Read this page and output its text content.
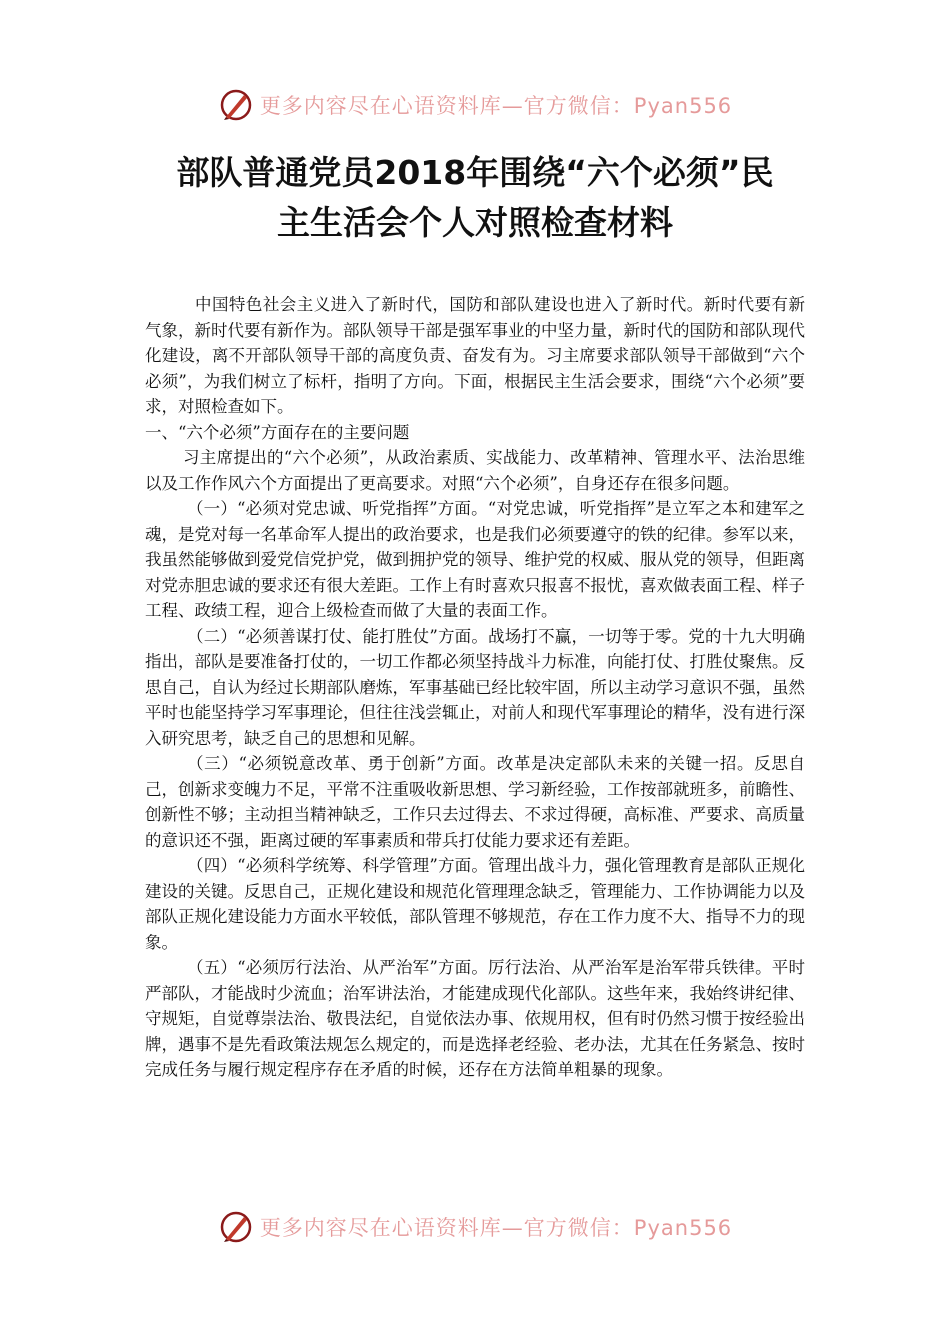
更多内容尽在心语资料库—官方微信：Pyan556
部队普通党员2018年围绕“六个必须”民
主生活会个人对照检查材料

中国特色社会主义进入了新时代，国防和部队建设也进入了新时代。新时代要有新气象，新时代要有新作为。部队领导干部是强军事业的中坚力量，新时代的国防和部队现代化建设，离不开部队领导干部的高度负责、奋发有为。习主席要求部队领导干部做到“六个必须”，为我们树立了标杆，指明了方向。下面，根据民主生活会要求，围绕“六个必须”要求，对照检查如下。

一、“六个必须”方面存在的主要问题

习主席提出的“六个必须”，从政治素质、实战能力、改革精神、管理水平、法治思维以及工作作风六个方面提出了更高要求。对照“六个必须”，自身还存在很多问题。

（一）“必须对党忠诚、听党指挥”方面。“对党忠诚，听党指挥”是立军之本和建军之魂，是党对每一名革命军人提出的政治要求，也是我们必须要遵守的铁的纪律。参军以来，我虽然能够做到爱党信党护党，做到拥护党的领导、维护党的权威、服从党的领导，但距离对党赤胆忠诚的要求还有很大差距。工作上有时喜欢只报喜不报忧，喜欢做表面工程、样子工程、政绩工程，迎合上级检查而做了大量的表面工作。

（二）“必须善谋打仗、能打胜仗”方面。战场打不赢，一切等于零。党的十九大明确指出，部队是要准备打仗的，一切工作都必须坚持战斗力标准，向能打仗、打胜仗聚焦。反思自己，自认为经过长期部队磨炼，军事基础已经比较牢固，所以主动学习意识不强，虽然平时也能坚持学习军事理论，但往往浅尝辄止，对前人和现代军事理论的精华，没有进行深入研究思考，缺乏自己的思想和见解。

（三）“必须锐意改革、勇于创新”方面。改革是决定部队未来的关键一招。反思自己，创新求变魄力不足，平常不注重吸收新思想、学习新经验，工作按部就班多，前瞻性、创新性不够；主动担当精神缺乏，工作只去过得去、不求过得硬，高标准、严要求、高质量的意识还不强，距离过硬的军事素质和带兵打仗能力要求还有差距。

（四）“必须科学统筹、科学管理”方面。管理出战斗力，强化管理教育是部队正规化建设的关键。反思自己，正规化建设和规范化管理理念缺乏，管理能力、工作协调能力以及部队正规化建设能力方面水平较低，部队管理不够规范，存在工作力度不大、指导不力的现象。

（五）“必须厉行法治、从严治军”方面。厉行法治、从严治军是治军带兵铁律。平时严部队，才能战时少流血；治军讲法治，才能建成现代化部队。这些年来，我始终讲纪律、守规矩，自觉尊崇法治、敬畏法纪，自觉依法办事、依规用权，但有时仍然习惯于按经验出牌，遇事不是先看政策法规怎么规定的，而是选择老经验、老办法，尤其在任务紧急、按时完成任务与履行规定程序存在矛盾的时候，还存在方法简单粗暴的现象。

更多内容尽在心语资料库—官方微信：Pyan556
